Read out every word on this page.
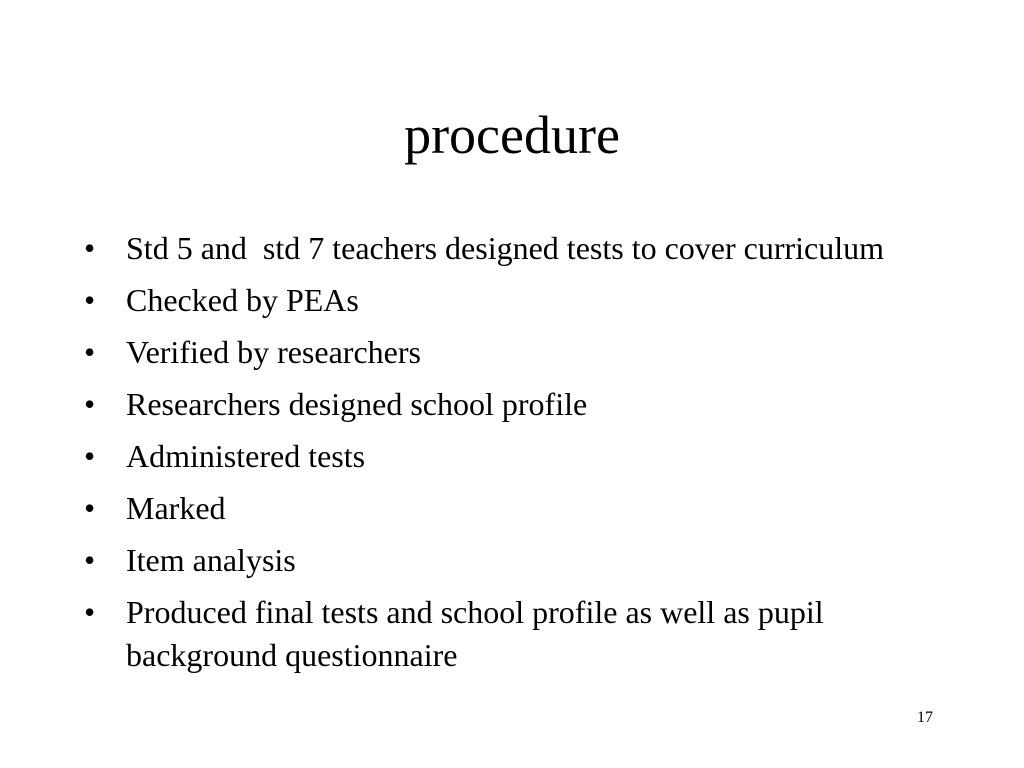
procedure
• Std 5 and  std 7 teachers designed tests to cover curriculum
• Checked by PEAs
• Verified by researchers
• Researchers designed school profile
• Administered tests
• Marked
• Item analysis
• Produced final tests and school profile as well as pupil background questionnaire
17
